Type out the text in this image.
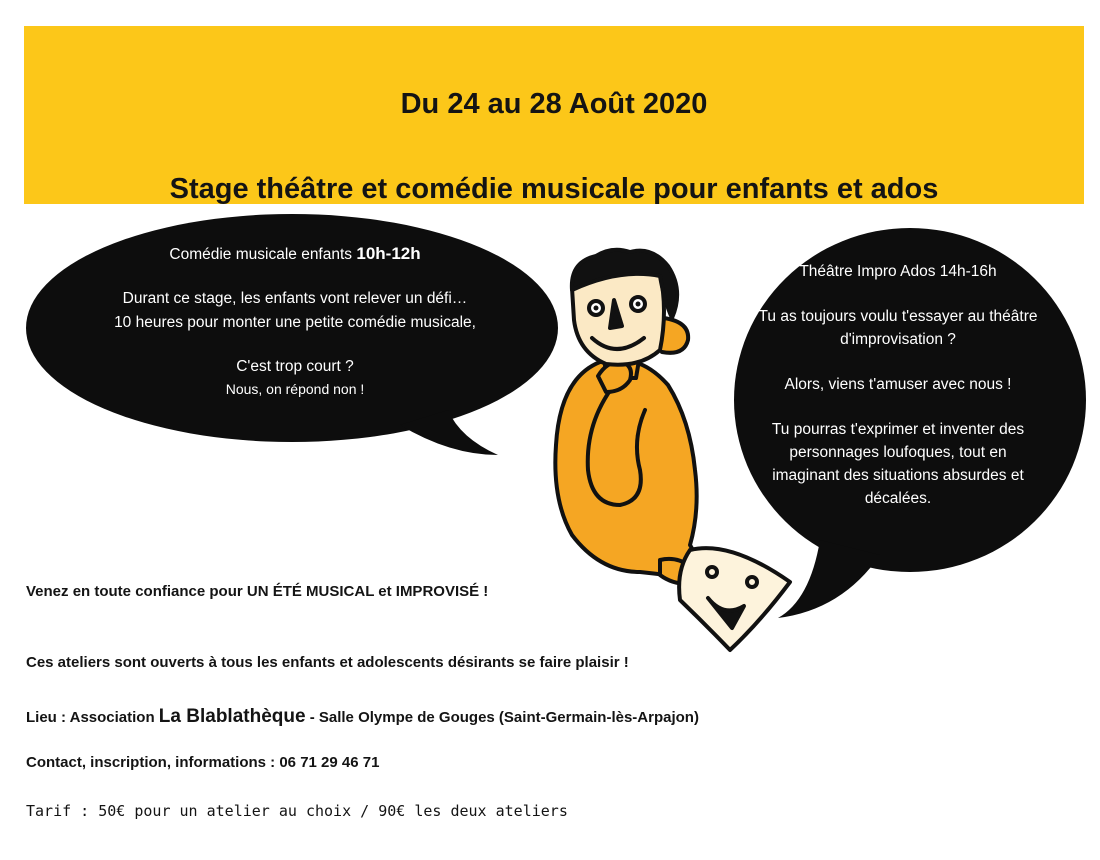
Du 24 au 28 Août 2020
Stage théâtre et comédie musicale pour enfants et ados
Comédie musicale enfants 10h-12h
Durant ce stage, les enfants vont relever un défi…
10 heures pour monter une petite comédie musicale,
C'est trop court ?
Nous, on répond non !
Théâtre Impro Ados 14h-16h
Tu as toujours voulu t'essayer au théâtre
d'improvisation ?
Alors, viens t'amuser avec nous !
Tu pourras t'exprimer et inventer des
personnages loufoques, tout en
imaginant des situations absurdes et
décalées.
Venez en toute confiance pour UN ÉTÉ MUSICAL et IMPROVISÉ !
Ces ateliers sont ouverts à tous les enfants et adolescents désirants se faire plaisir !
Lieu : Association La Blablathèque - Salle Olympe de Gouges (Saint-Germain-lès-Arpajon)
Contact, inscription, informations : 06 71 29 46 71
Tarif : 50€ pour un atelier au choix / 90€ les deux ateliers
